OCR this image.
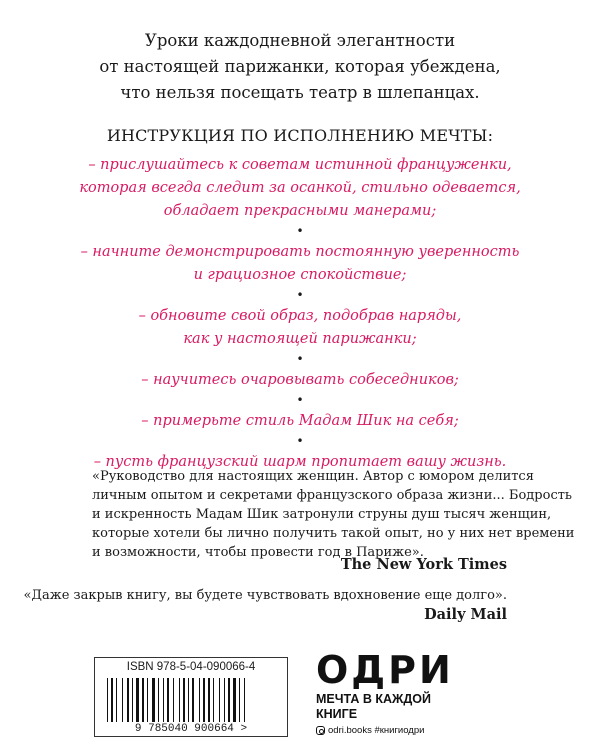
Уроки каждодневной элегантности
от настоящей парижанки, которая убеждена,
что нельзя посещать театр в шлепанцах.
ИНСТРУКЦИЯ ПО ИСПОЛНЕНИЮ МЕЧТЫ:
– прислушайтесь к советам истинной француженки,
которая всегда следит за осанкой, стильно одевается,
обладает прекрасными манерами;
•
– начните демонстрировать постоянную уверенность
и грациозное спокойствие;
•
– обновите свой образ, подобрав наряды,
как у настоящей парижанки;
•
– научитесь очаровывать собеседников;
•
– примерьте стиль Мадам Шик на себя;
•
– пусть французский шарм пропитает вашу жизнь.
«Руководство для настоящих женщин. Автор с юмором делится
личным опытом и секретами французского образа жизни... Бодрость
и искренность Мадам Шик затронули струны душ тысяч женщин,
которые хотели бы лично получить такой опыт, но у них нет времени
и возможности, чтобы провести год в Париже».
The New York Times
«Даже закрыв книгу, вы будете чувствовать вдохновение еще долго».
Daily Mail
ISBN 978-5-04-090066-4
9 785040 900664 >
ОДРИ
МЕЧТА В КАЖДОЙ
КНИГЕ
odri.books #книгиодри
